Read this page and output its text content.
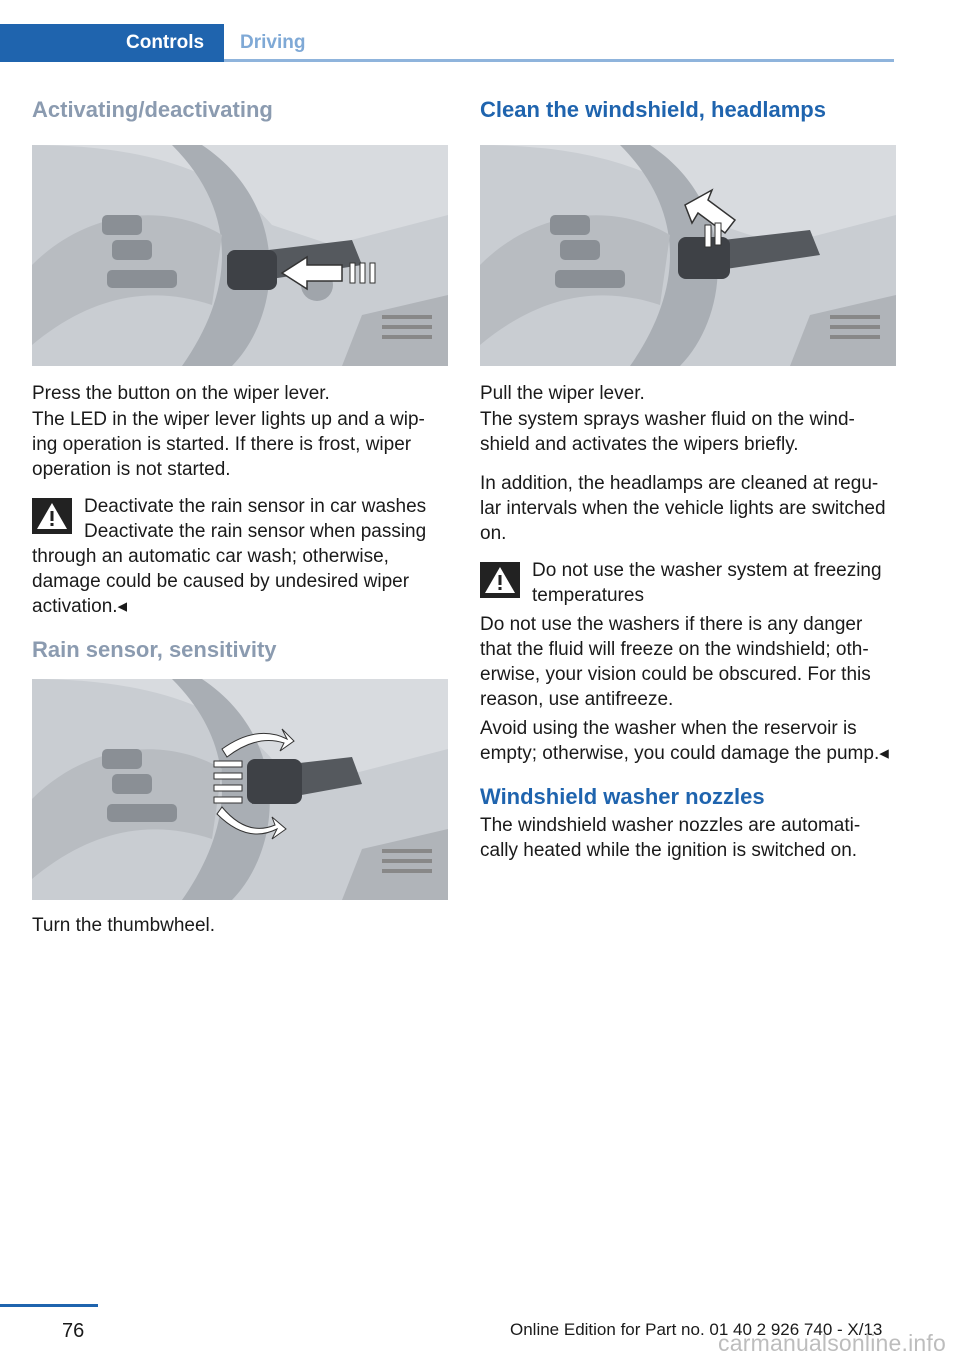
Controls	Driving
Activating/deactivating

Press the button on the wiper lever.

The LED in the wiper lever lights up and a wip-ing operation is started. If there is frost, wiper operation is not started.

Deactivate the rain sensor in car washes

Deactivate the rain sensor when passing through an automatic car wash; otherwise, damage could be caused by undesired wiper activation.◂

Rain sensor, sensitivity

Turn the thumbwheel.

Clean the windshield, headlamps

Pull the wiper lever.

The system sprays washer fluid on the wind-shield and activates the wipers briefly.

In addition, the headlamps are cleaned at regu-lar intervals when the vehicle lights are switched on.

Do not use the washer system at freezing temperatures

Do not use the washers if there is any danger that the fluid will freeze on the windshield; oth-erwise, your vision could be obscured. For this reason, use antifreeze.

Avoid using the washer when the reservoir is empty; otherwise, you could damage the pump.◂

Windshield washer nozzles

The windshield washer nozzles are automati-cally heated while the ignition is switched on.

76	Online Edition for Part no. 01 40 2 926 740 - X/13
carmanualsonline.info
